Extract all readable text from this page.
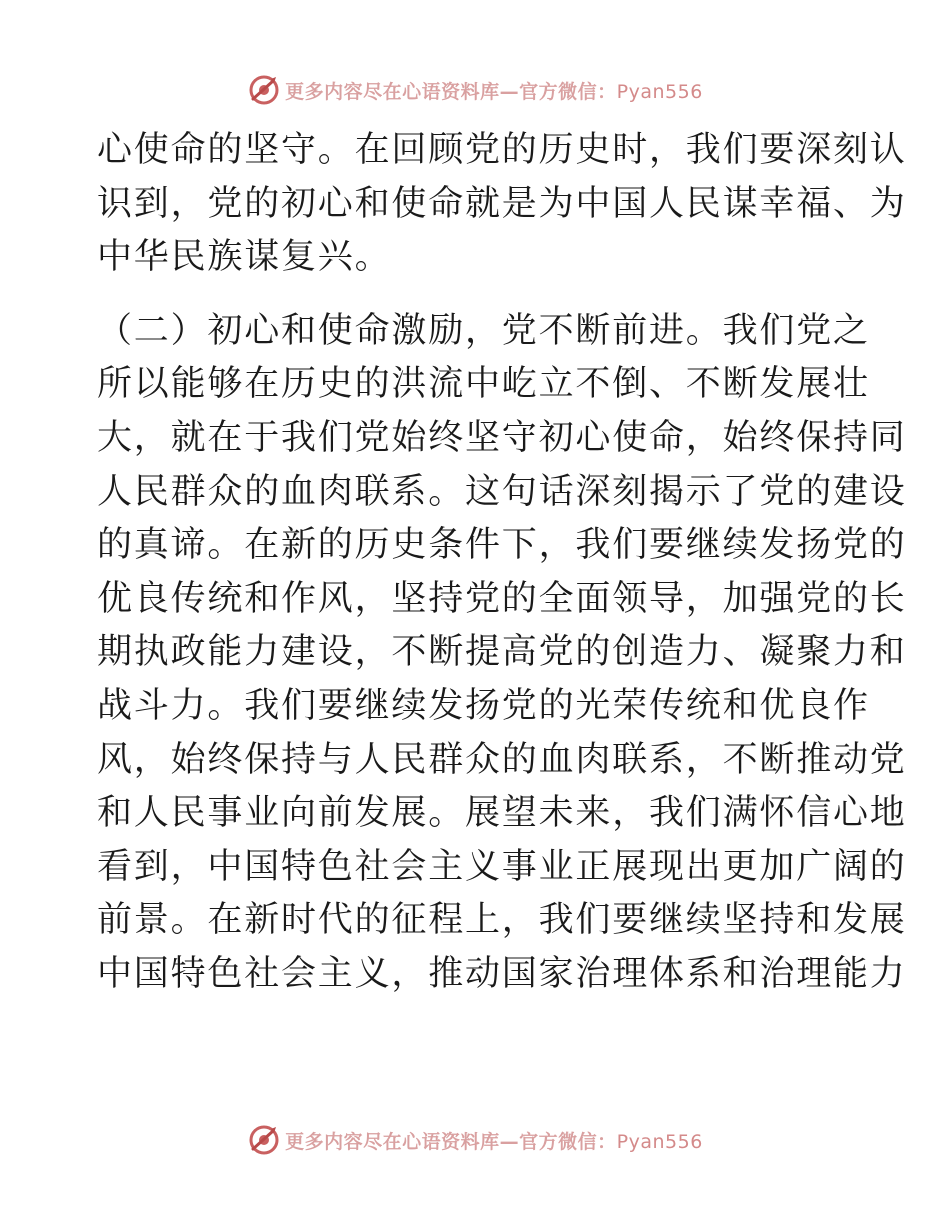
更多内容尽在心语资料库—官方微信：Pyan556
心使命的坚守。在回顾党的历史时，我们要深刻认
识到，党的初心和使命就是为中国人民谋幸福、为
中华民族谋复兴。
（二）初心和使命激励，党不断前进。我们党之
所以能够在历史的洪流中屹立不倒、不断发展壮
大，就在于我们党始终坚守初心使命，始终保持同
人民群众的血肉联系。这句话深刻揭示了党的建设
的真谛。在新的历史条件下，我们要继续发扬党的
优良传统和作风，坚持党的全面领导，加强党的长
期执政能力建设，不断提高党的创造力、凝聚力和
战斗力。我们要继续发扬党的光荣传统和优良作
风，始终保持与人民群众的血肉联系，不断推动党
和人民事业向前发展。展望未来，我们满怀信心地
看到，中国特色社会主义事业正展现出更加广阔的
前景。在新时代的征程上，我们要继续坚持和发展
中国特色社会主义，推动国家治理体系和治理能力
更多内容尽在心语资料库—官方微信：Pyan556
